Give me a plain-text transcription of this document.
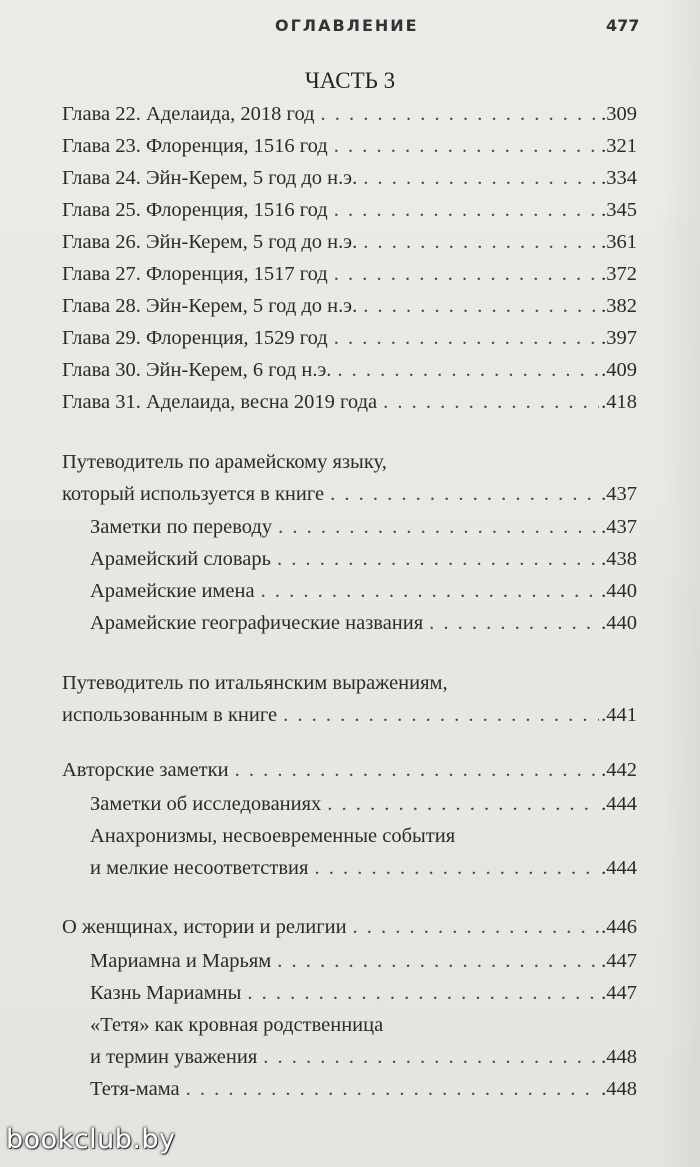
ОГЛАВЛЕНИЕ	477
ЧАСТЬ 3
Глава 22. Аделаида, 2018 год . . .	.309
Глава 23. Флоренция, 1516 год . . .	.321
Глава 24. Эйн-Керем, 5 год до н.э. . . .	.334
Глава 25. Флоренция, 1516 год . . .	.345
Глава 26. Эйн-Керем, 5 год до н.э. . . .	.361
Глава 27. Флоренция, 1517 год . . .	.372
Глава 28. Эйн-Керем, 5 год до н.э. . . .	.382
Глава 29. Флоренция, 1529 год . . .	.397
Глава 30. Эйн-Керем, 6 год н.э. . . .	.409
Глава 31. Аделаида, весна 2019 года . . .	.418
Путеводитель по арамейскому языку,
который используется в книге . . .	.437
Заметки по переводу . . .	.437
Арамейский словарь . . .	.438
Арамейские имена . . .	.440
Арамейские географические названия . . .	.440
Путеводитель по итальянским выражениям,
использованным в книге . . .	.441
Авторские заметки . . .	.442
Заметки об исследованиях . . .	.444
Анахронизмы, несвоевременные события
и мелкие несоответствия . . .	.444
О женщинах, истории и религии . . .	.446
Мариамна и Марьям . . .	.447
Казнь Мариамны . . .	.447
«Тетя» как кровная родственница
и термин уважения . . .	.448
Тетя-мама . . .	.448
bookclub.by
